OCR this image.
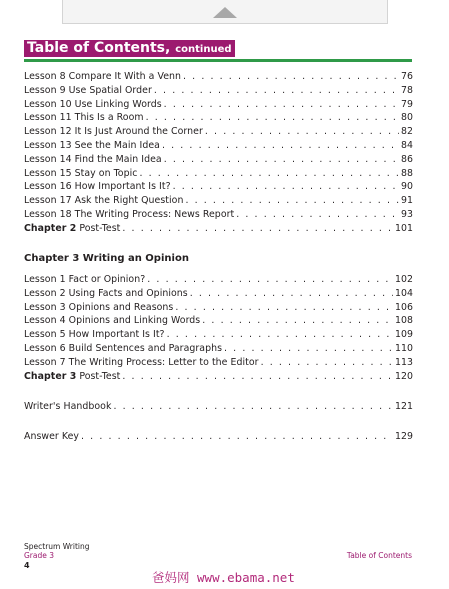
Table of Contents, continued
Lesson 8 Compare It With a Venn . . .	76
Lesson 9 Use Spatial Order . . .	78
Lesson 10 Use Linking Words . . .	79
Lesson 11 This Is a Room . . .	80
Lesson 12 It Is Just Around the Corner . . .	82
Lesson 13 See the Main Idea . . .	84
Lesson 14 Find the Main Idea . . .	86
Lesson 15 Stay on Topic . . .	88
Lesson 16 How Important Is It? . . .	90
Lesson 17 Ask the Right Question . . .	91
Lesson 18 The Writing Process: News Report . . .	93
Chapter 2 Post-Test . . .	101
Chapter 3 Writing an Opinion
Lesson 1 Fact or Opinion? . . .	102
Lesson 2 Using Facts and Opinions . . .	104
Lesson 3 Opinions and Reasons . . .	106
Lesson 4 Opinions and Linking Words . . .	108
Lesson 5 How Important Is It? . . .	109
Lesson 6 Build Sentences and Paragraphs . . .	110
Lesson 7 The Writing Process: Letter to the Editor . . .	113
Chapter 3 Post-Test . . .	120
Writer's Handbook . . .	121
Answer Key . . .	129
Spectrum Writing
Grade 3
4
Table of Contents
爸妈网 www.ebama.net
